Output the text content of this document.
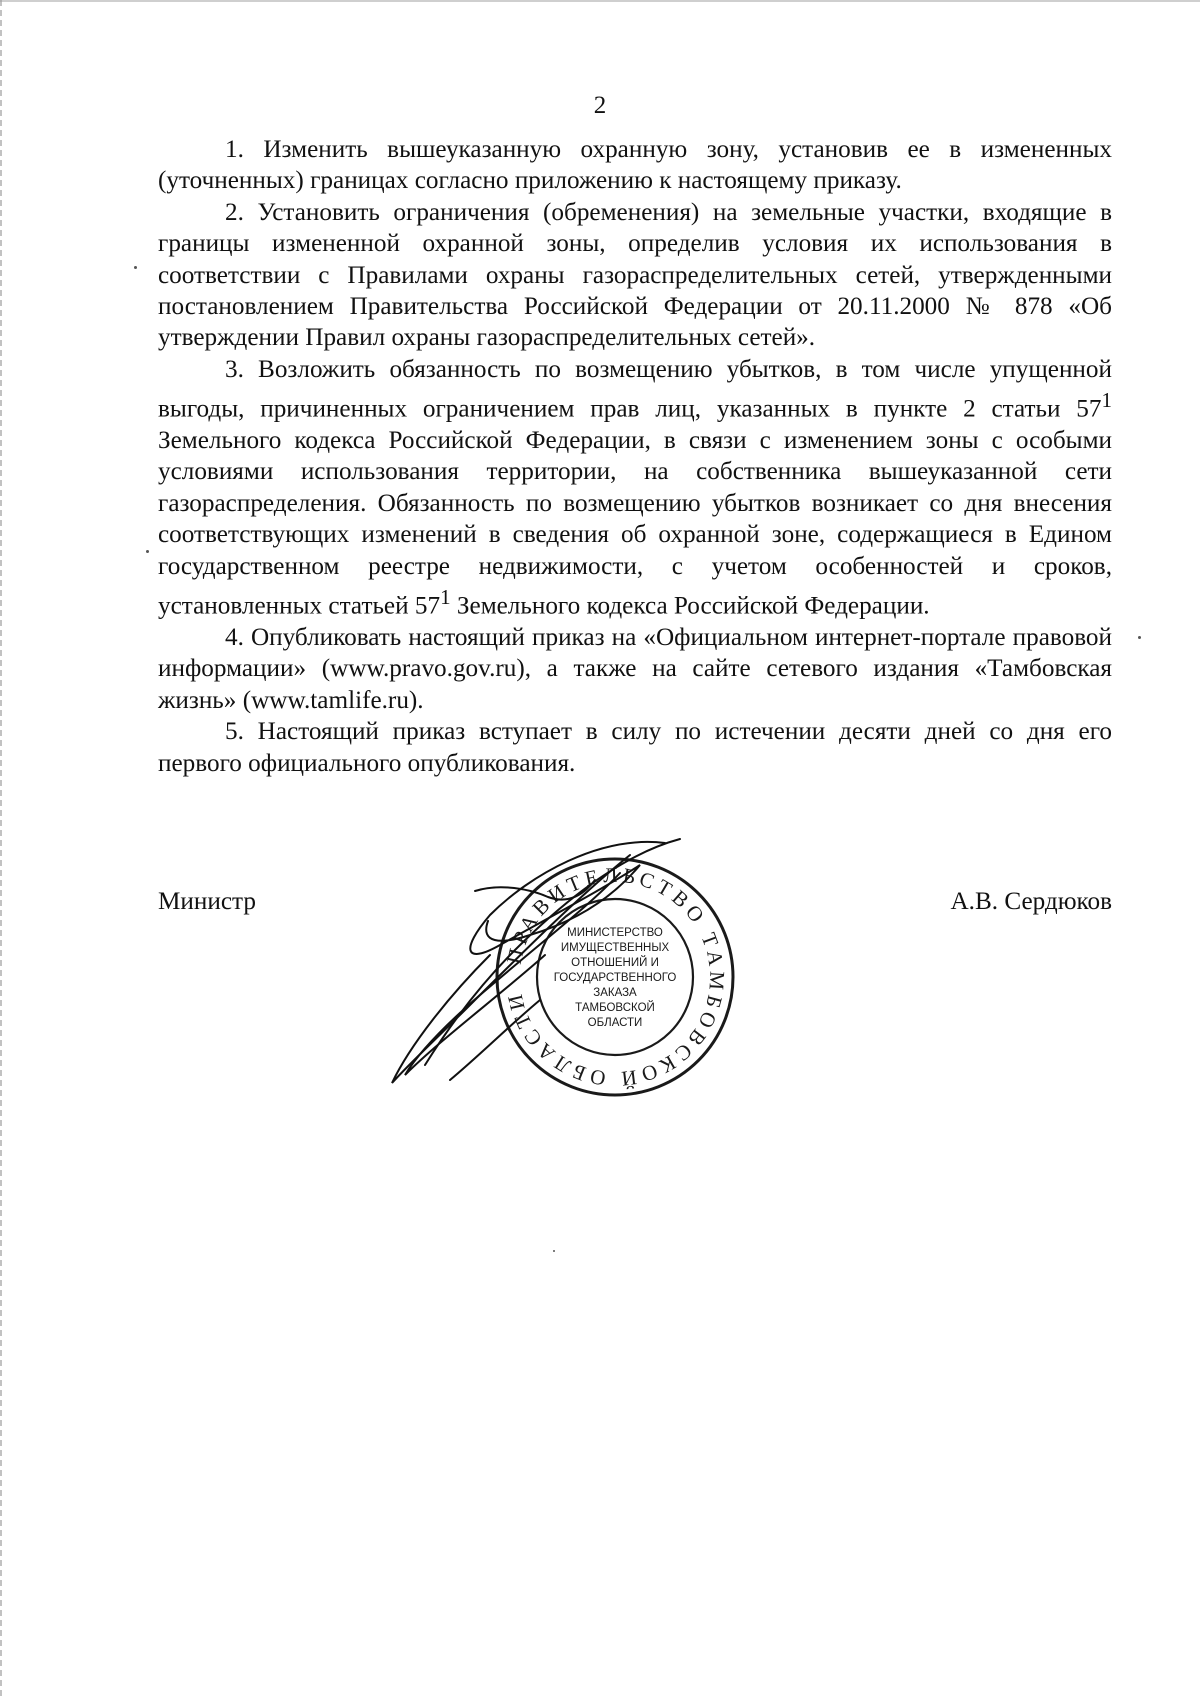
2

1. Изменить вышеуказанную охранную зону, установив ее в измененных (уточненных) границах согласно приложению к настоящему приказу.

2. Установить ограничения (обременения) на земельные участки, входящие в границы измененной охранной зоны, определив условия их использования в соответствии с Правилами охраны газораспределительных сетей, утвержденными постановлением Правительства Российской Федерации от 20.11.2000 № 878 «Об утверждении Правил охраны газораспределительных сетей».

3. Возложить обязанность по возмещению убытков, в том числе упущенной выгоды, причиненных ограничением прав лиц, указанных в пункте 2 статьи $57^1$ Земельного кодекса Российской Федерации, в связи с изменением зоны с особыми условиями использования территории, на собственника вышеуказанной сети газораспределения. Обязанность по возмещению убытков возникает со дня внесения соответствующих изменений в сведения об охранной зоне, содержащиеся в Едином государственном реестре недвижимости, с учетом особенностей и сроков, установленных статьей $57^1$ Земельного кодекса Российской Федерации.

4. Опубликовать настоящий приказ на «Официальном интернет-портале правовой информации» (www.pravo.gov.ru), а также на сайте сетевого издания «Тамбовская жизнь» (www.tamlife.ru).

5. Настоящий приказ вступает в силу по истечении десяти дней со дня его первого официального опубликования.

Министр	А.В. Сердюков
ПРАВИТЕЛЬСТВО ТАМБОВСКОЙ ОБЛАСТИ
МИНИСТЕРСТВО
ИМУЩЕСТВЕННЫХ
ОТНОШЕНИЙ И
ГОСУДАРСТВЕННОГО
ЗАКАЗА
ТАМБОВСКОЙ
ОБЛАСТИ
